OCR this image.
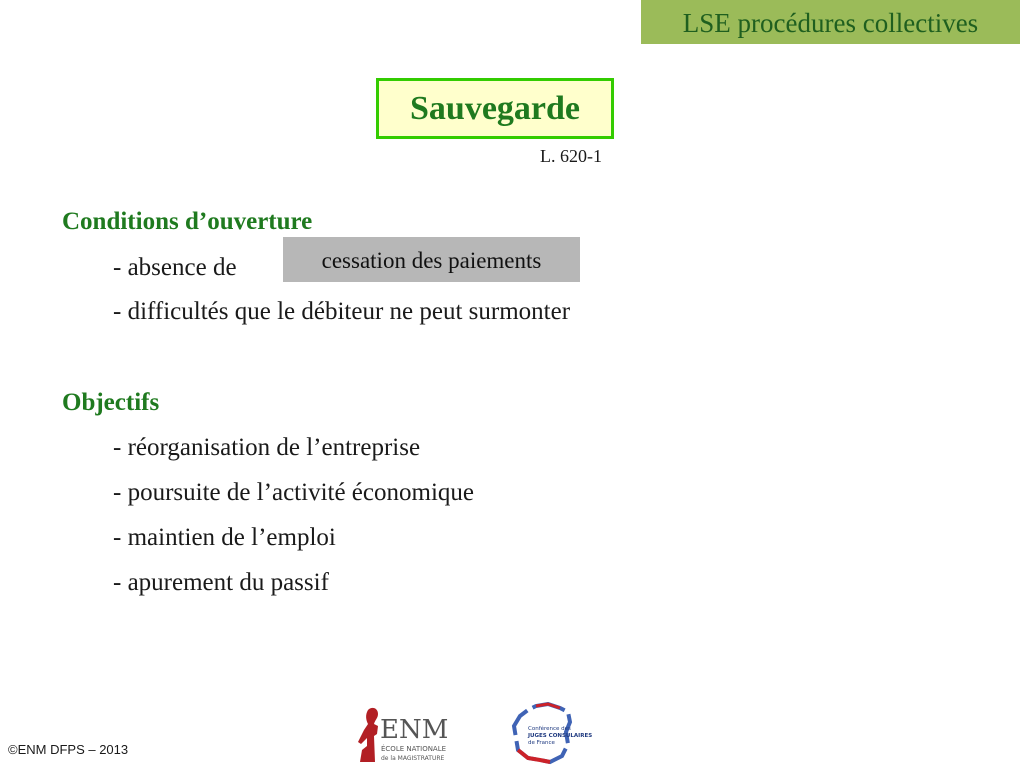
LSE procédures collectives
Sauvegarde
L. 620-1
Conditions d’ouverture
- absence de	cessation des paiements
- difficultés que le débiteur ne peut surmonter
Objectifs
- réorganisation de l’entreprise
- poursuite de l’activité économique
- maintien de l’emploi
- apurement du passif
©ENM DFPS – 2013
ENM
ÉCOLE NATIONALE
de la MAGISTRATURE
Conférence des
JUGES CONSULAIRES
de France
